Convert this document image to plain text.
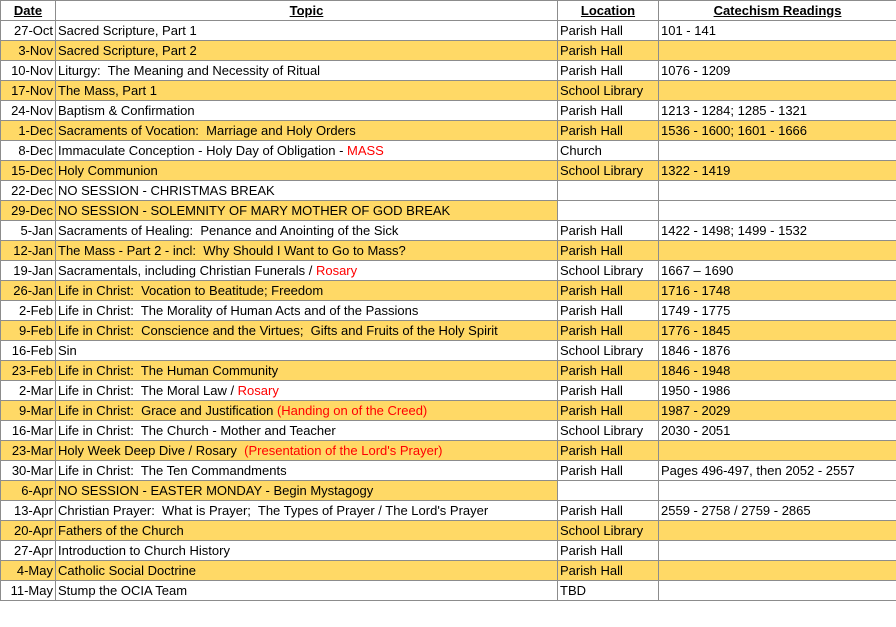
Date	Topic	Location	Catechism Readings
27-Oct	Sacred Scripture, Part 1	Parish Hall	101 - 141
3-Nov	Sacred Scripture, Part 2	Parish Hall	
10-Nov	Liturgy:  The Meaning and Necessity of Ritual	Parish Hall	1076 - 1209
17-Nov	The Mass, Part 1	School Library	
24-Nov	Baptism & Confirmation	Parish Hall	1213 - 1284; 1285 - 1321
1-Dec	Sacraments of Vocation:  Marriage and Holy Orders	Parish Hall	1536 - 1600; 1601 - 1666
8-Dec	Immaculate Conception - Holy Day of Obligation - MASS	Church	
15-Dec	Holy Communion	School Library	1322 - 1419
22-Dec	NO SESSION - CHRISTMAS BREAK		
29-Dec	NO SESSION - SOLEMNITY OF MARY MOTHER OF GOD BREAK		
5-Jan	Sacraments of Healing:  Penance and Anointing of the Sick	Parish Hall	1422 - 1498; 1499 - 1532
12-Jan	The Mass - Part 2 - incl:  Why Should I Want to Go to Mass?	Parish Hall	
19-Jan	Sacramentals, including Christian Funerals / Rosary	School Library	1667 – 1690
26-Jan	Life in Christ:  Vocation to Beatitude; Freedom	Parish Hall	1716 - 1748
2-Feb	Life in Christ:  The Morality of Human Acts and of the Passions	Parish Hall	1749 - 1775
9-Feb	Life in Christ:  Conscience and the Virtues;  Gifts and Fruits of the Holy Spirit	Parish Hall	1776 - 1845
16-Feb	Sin	School Library	1846 - 1876
23-Feb	Life in Christ:  The Human Community	Parish Hall	1846 - 1948
2-Mar	Life in Christ:  The Moral Law / Rosary	Parish Hall	1950 - 1986
9-Mar	Life in Christ:  Grace and Justification (Handing on of the Creed)	Parish Hall	1987 - 2029
16-Mar	Life in Christ:  The Church - Mother and Teacher	School Library	2030 - 2051
23-Mar	Holy Week Deep Dive / Rosary  (Presentation of the Lord's Prayer)	Parish Hall	
30-Mar	Life in Christ:  The Ten Commandments	Parish Hall	Pages 496-497, then 2052 - 2557
6-Apr	NO SESSION - EASTER MONDAY - Begin Mystagogy		
13-Apr	Christian Prayer:  What is Prayer;  The Types of Prayer / The Lord's Prayer	Parish Hall	2559 - 2758 / 2759 - 2865
20-Apr	Fathers of the Church	School Library	
27-Apr	Introduction to Church History	Parish Hall	
4-May	Catholic Social Doctrine	Parish Hall	
11-May	Stump the OCIA Team	TBD	
